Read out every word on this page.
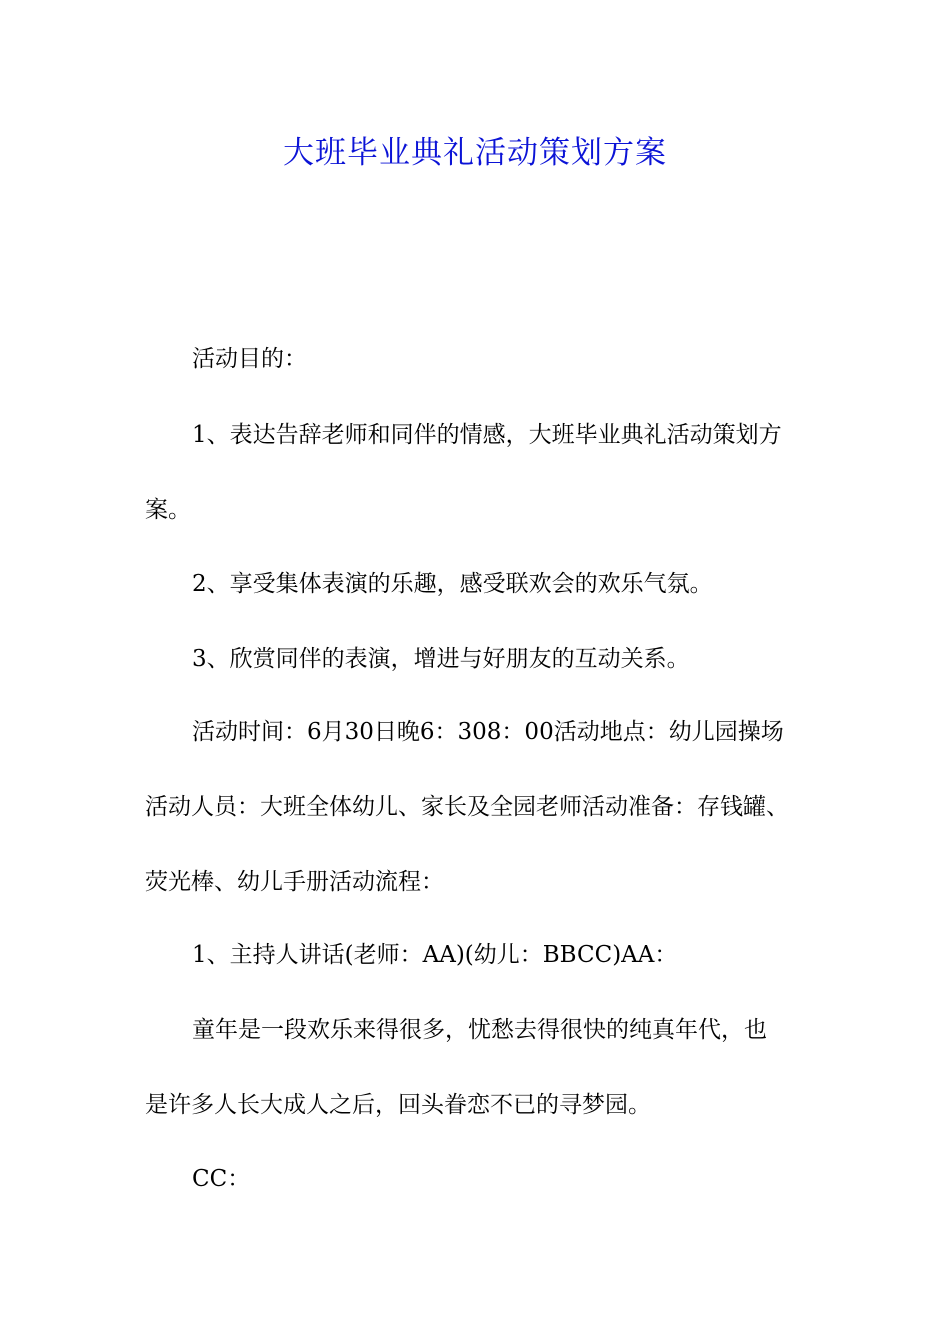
大班毕业典礼活动策划方案
活动目的：
1、表达告辞老师和同伴的情感，大班毕业典礼活动策划方
案。
2、享受集体表演的乐趣，感受联欢会的欢乐气氛。
3、欣赏同伴的表演，增进与好朋友的互动关系。
活动时间：6月30日晚6：308：00活动地点：幼儿园操场
活动人员：大班全体幼儿、家长及全园老师活动准备：存钱罐、
荧光棒、幼儿手册活动流程：
1、主持人讲话(老师：AA)(幼儿：BBCC)AA：
童年是一段欢乐来得很多，忧愁去得很快的纯真年代，也
是许多人长大成人之后，回头眷恋不已的寻梦园。
CC：
